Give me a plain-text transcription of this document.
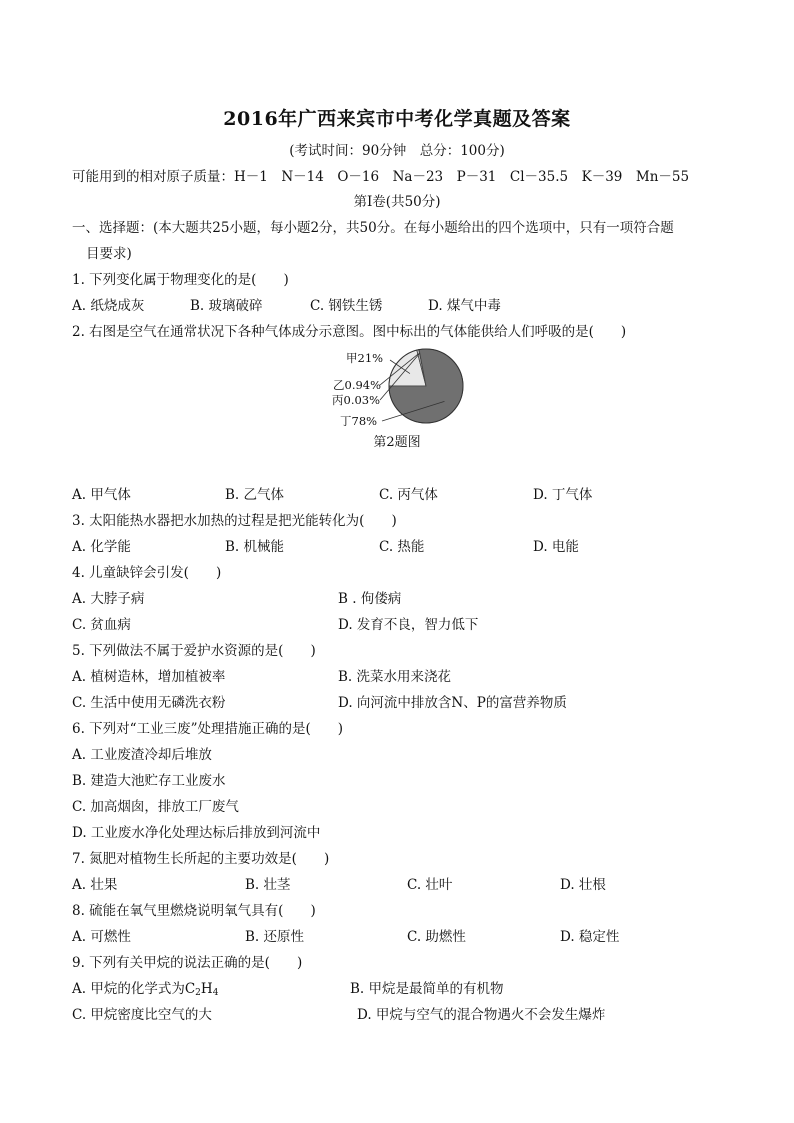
2016年广西来宾市中考化学真题及答案
(考试时间：90分钟　总分：100分)
可能用到的相对原子质量：H－1　N－14　O－16　Na－23　P－31　Cl－35.5　K－39　Mn－55
第Ⅰ卷(共50分)
一、选择题：(本大题共25小题，每小题2分，共50分。在每小题给出的四个选项中，只有一项符合题
目要求)
1. 下列变化属于物理变化的是(　　)
A. 纸烧成灰	B. 玻璃破碎	C. 钢铁生锈	D. 煤气中毒
2. 右图是空气在通常状况下各种气体成分示意图。图中标出的气体能供给人们呼吸的是(　　)
甲21%
乙0.94%
丙0.03%
丁78%
第2题图
A. 甲气体	B. 乙气体	C. 丙气体	D. 丁气体
3. 太阳能热水器把水加热的过程是把光能转化为(　　)
A. 化学能	B. 机械能	C. 热能	D. 电能
4. 儿童缺锌会引发(　　)
A. 大脖子病	B . 佝偻病
C. 贫血病	D. 发育不良，智力低下
5. 下列做法不属于爱护水资源的是(　　)
A. 植树造林，增加植被率	B. 洗菜水用来浇花
C. 生活中使用无磷洗衣粉	D. 向河流中排放含N、P的富营养物质
6. 下列对“工业三废”处理措施正确的是(　　)
A. 工业废渣冷却后堆放
B. 建造大池贮存工业废水
C. 加高烟囱，排放工厂废气
D. 工业废水净化处理达标后排放到河流中
7. 氮肥对植物生长所起的主要功效是(　　)
A. 壮果	B. 壮茎	C. 壮叶	D. 壮根
8. 硫能在氧气里燃烧说明氧气具有(　　)
A. 可燃性	B. 还原性	C. 助燃性	D. 稳定性
9. 下列有关甲烷的说法正确的是(　　)
A. 甲烷的化学式为$C_2H_4$	B. 甲烷是最简单的有机物
C. 甲烷密度比空气的大	D. 甲烷与空气的混合物遇火不会发生爆炸
